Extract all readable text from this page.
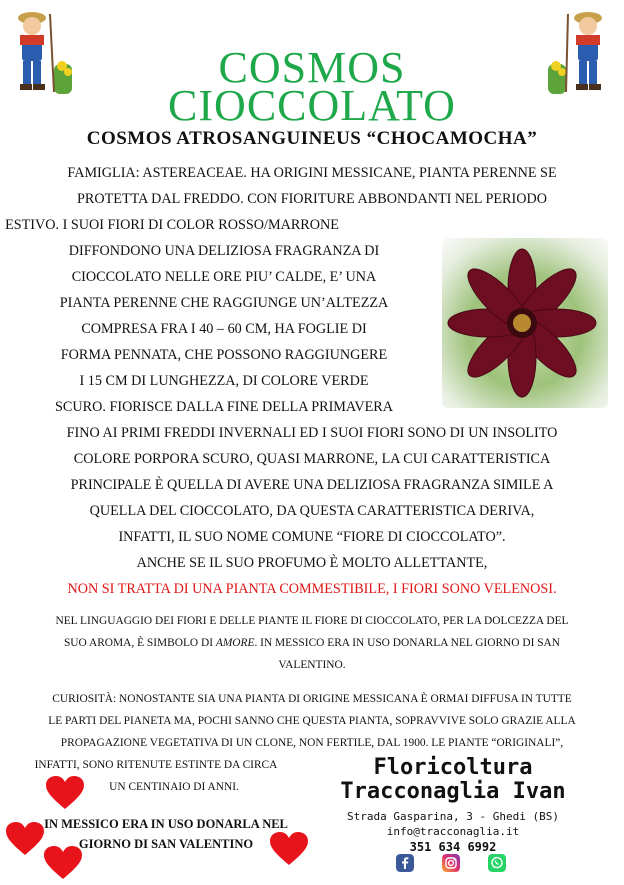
COSMOS
CIOCCOLATO
COSMOS ATROSANGUINEUS “CHOCAMOCHA”
FAMIGLIA: ASTEREACEAE. HA ORIGINI MESSICANE, PIANTA PERENNE SE
PROTETTA DAL FREDDO. CON FIORITURE ABBONDANTI NEL PERIODO
ESTIVO. I SUOI FIORI DI COLOR ROSSO/MARRONE
DIFFONDONO UNA DELIZIOSA FRAGRANZA DI
CIOCCOLATO NELLE ORE PIU’ CALDE, E’ UNA
PIANTA PERENNE CHE RAGGIUNGE UN’ALTEZZA
COMPRESA FRA I 40 – 60 CM, HA FOGLIE DI
FORMA PENNATA, CHE POSSONO RAGGIUNGERE
I 15 CM DI LUNGHEZZA, DI COLORE VERDE
SCURO. FIORISCE DALLA FINE DELLA PRIMAVERA
FINO AI PRIMI FREDDI INVERNALI ED I SUOI FIORI SONO DI UN INSOLITO
COLORE PORPORA SCURO, QUASI MARRONE, LA CUI CARATTERISTICA
PRINCIPALE È QUELLA DI AVERE UNA DELIZIOSA FRAGRANZA SIMILE A
QUELLA DEL CIOCCOLATO, DA QUESTA CARATTERISTICA DERIVA,
INFATTI, IL SUO NOME COMUNE “FIORE DI CIOCCOLATO”.
ANCHE SE IL SUO PROFUMO È MOLTO ALLETTANTE,
NON SI TRATTA DI UNA PIANTA COMMESTIBILE, I FIORI SONO VELENOSI.
NEL LINGUAGGIO DEI FIORI E DELLE PIANTE IL FIORE DI CIOCCOLATO, PER LA DOLCEZZA DEL
SUO AROMA, È SIMBOLO DI AMORE. IN MESSICO ERA IN USO DONARLA NEL GIORNO DI SAN
VALENTINO.
CURIOSITÀ: NONOSTANTE SIA UNA PIANTA DI ORIGINE MESSICANA È ORMAI DIFFUSA IN TUTTE
LE PARTI DEL PIANETA MA, POCHI SANNO CHE QUESTA PIANTA, SOPRAVVIVE SOLO GRAZIE ALLA
PROPAGAZIONE VEGETATIVA DI UN CLONE, NON FERTILE, DAL 1900. LE PIANTE “ORIGINALI”,
INFATTI, SONO RITENUTE ESTINTE DA CIRCA
UN CENTINAIO DI ANNI.
IN MESSICO ERA IN USO DONARLA NEL
GIORNO DI SAN VALENTINO
Floricoltura
Tracconaglia Ivan
Strada Gasparina, 3 - Ghedi (BS)
info@tracconaglia.it
351 634 6992
